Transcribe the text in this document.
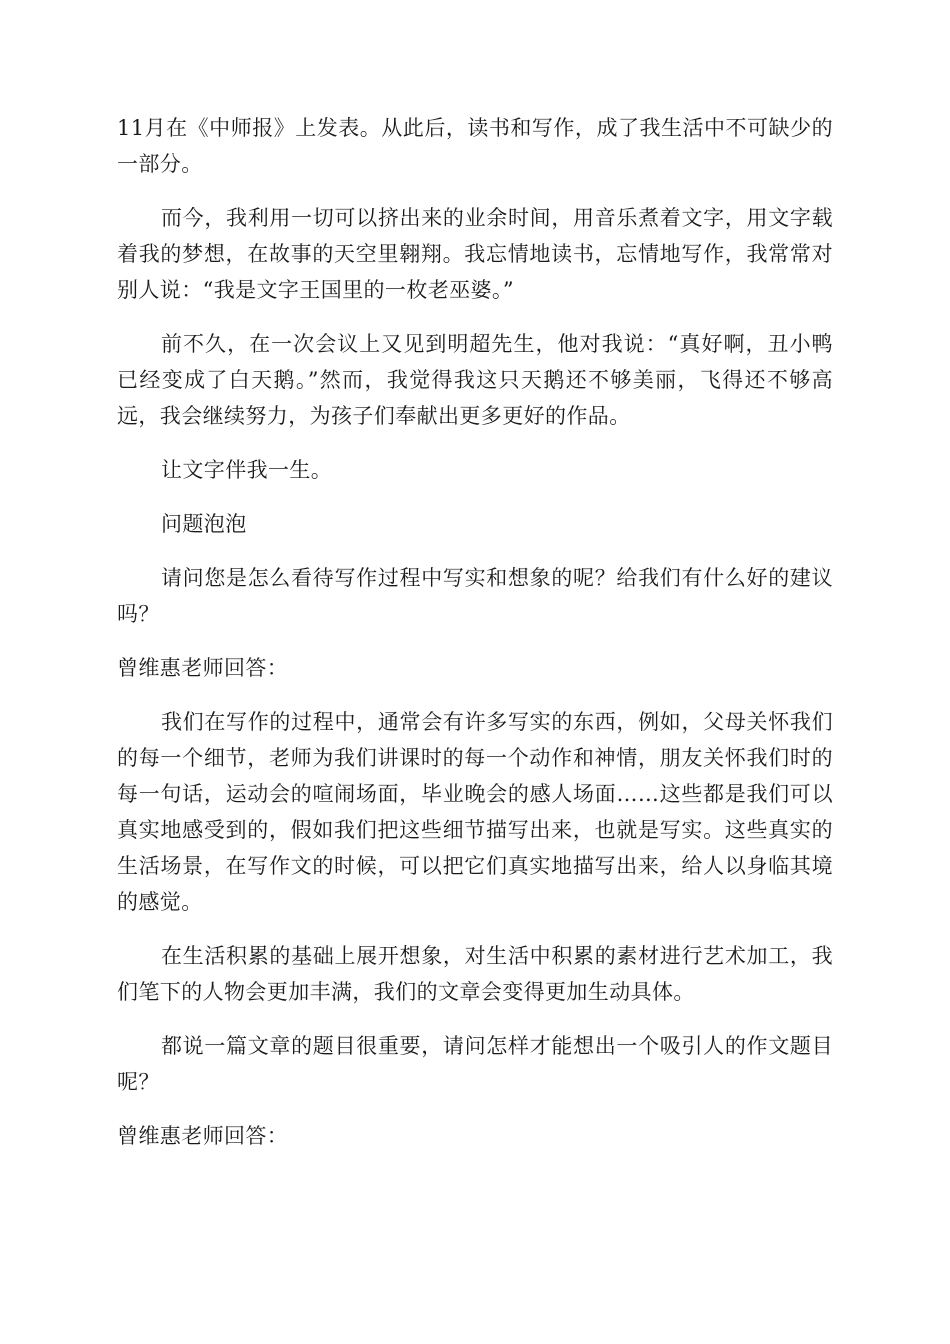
11月在《中师报》上发表。从此后，读书和写作，成了我生活中不可缺少的一部分。

而今，我利用一切可以挤出来的业余时间，用音乐煮着文字，用文字载着我的梦想，在故事的天空里翱翔。我忘情地读书，忘情地写作，我常常对别人说：“我是文字王国里的一枚老巫婆。”

前不久，在一次会议上又见到明超先生，他对我说：“真好啊，丑小鸭已经变成了白天鹅。”然而，我觉得我这只天鹅还不够美丽，飞得还不够高远，我会继续努力，为孩子们奉献出更多更好的作品。

让文字伴我一生。

问题泡泡

请问您是怎么看待写作过程中写实和想象的呢？给我们有什么好的建议吗？

曾维惠老师回答：

我们在写作的过程中，通常会有许多写实的东西，例如，父母关怀我们的每一个细节，老师为我们讲课时的每一个动作和神情，朋友关怀我们时的每一句话，运动会的喧闹场面，毕业晚会的感人场面……这些都是我们可以真实地感受到的，假如我们把这些细节描写出来，也就是写实。这些真实的生活场景，在写作文的时候，可以把它们真实地描写出来，给人以身临其境的感觉。

在生活积累的基础上展开想象，对生活中积累的素材进行艺术加工，我们笔下的人物会更加丰满，我们的文章会变得更加生动具体。

都说一篇文章的题目很重要，请问怎样才能想出一个吸引人的作文题目呢？

曾维惠老师回答：
